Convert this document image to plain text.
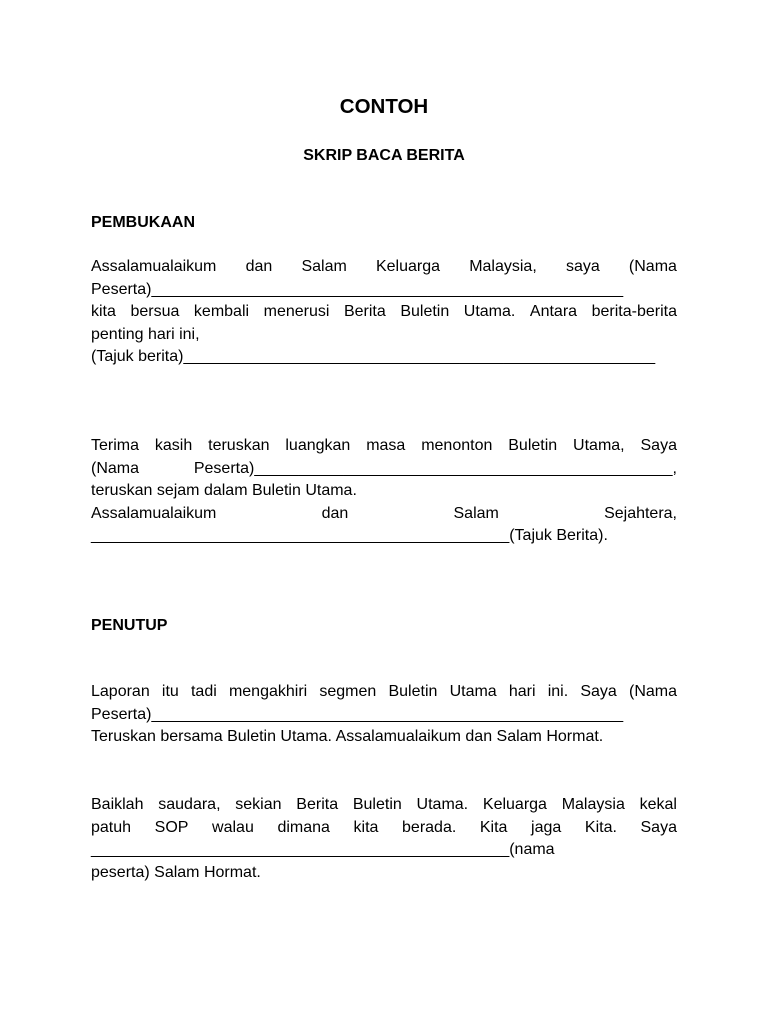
CONTOH
SKRIP BACA BERITA
PEMBUKAAN
Assalamualaikum dan Salam Keluarga Malaysia, saya (Nama
Peserta)_____________________________________________________
kita bersua kembali menerusi Berita Buletin Utama. Antara berita-berita
penting hari ini,
(Tajuk berita)_____________________________________________________
Terima kasih teruskan luangkan masa menonton Buletin Utama, Saya
(Nama	Peserta)_______________________________________________,
teruskan sejam dalam Buletin Utama.
Assalamualaikum	dan	Salam	Sejahtera,
_______________________________________________(Tajuk Berita).
PENUTUP
Laporan itu tadi mengakhiri segmen Buletin Utama hari ini. Saya (Nama
Peserta)_____________________________________________________
Teruskan bersama Buletin Utama. Assalamualaikum dan Salam Hormat.
Baiklah saudara, sekian Berita Buletin Utama. Keluarga Malaysia kekal
patuh SOP walau dimana kita berada. Kita jaga Kita. Saya
_______________________________________________(nama
peserta) Salam Hormat.
